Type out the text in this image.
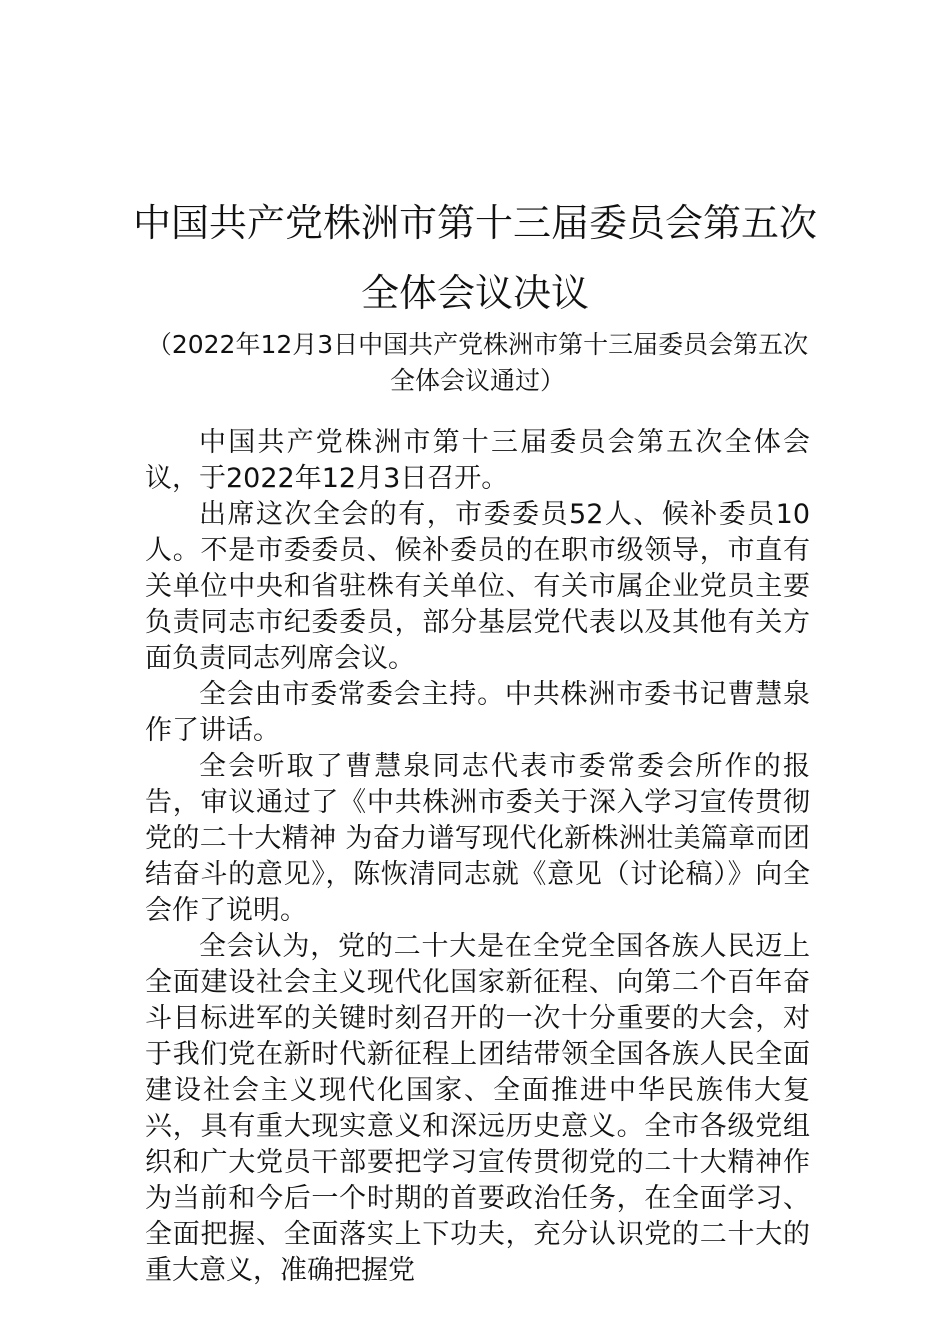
中国共产党株洲市第十三届委员会第五次
全体会议决议
（2022年12月3日中国共产党株洲市第十三届委员会第五次全体会议通过）

中国共产党株洲市第十三届委员会第五次全体会议，于2022年12月3日召开。

出席这次全会的有，市委委员52人、候补委员10人。不是市委委员、候补委员的在职市级领导，市直有关单位中央和省驻株有关单位、有关市属企业党员主要负责同志市纪委委员，部分基层党代表以及其他有关方面负责同志列席会议。

全会由市委常委会主持。中共株洲市委书记曹慧泉作了讲话。

全会听取了曹慧泉同志代表市委常委会所作的报告，审议通过了《中共株洲市委关于深入学习宣传贯彻党的二十大精神 为奋力谱写现代化新株洲壮美篇章而团结奋斗的意见》，陈恢清同志就《意见（讨论稿）》向全会作了说明。

全会认为，党的二十大是在全党全国各族人民迈上全面建设社会主义现代化国家新征程、向第二个百年奋斗目标进军的关键时刻召开的一次十分重要的大会，对于我们党在新时代新征程上团结带领全国各族人民全面建设社会主义现代化国家、全面推进中华民族伟大复兴，具有重大现实意义和深远历史意义。全市各级党组织和广大党员干部要把学习宣传贯彻党的二十大精神作为当前和今后一个时期的首要政治任务，在全面学习、全面把握、全面落实上下功夫，充分认识党的二十大的重大意义，准确把握党
